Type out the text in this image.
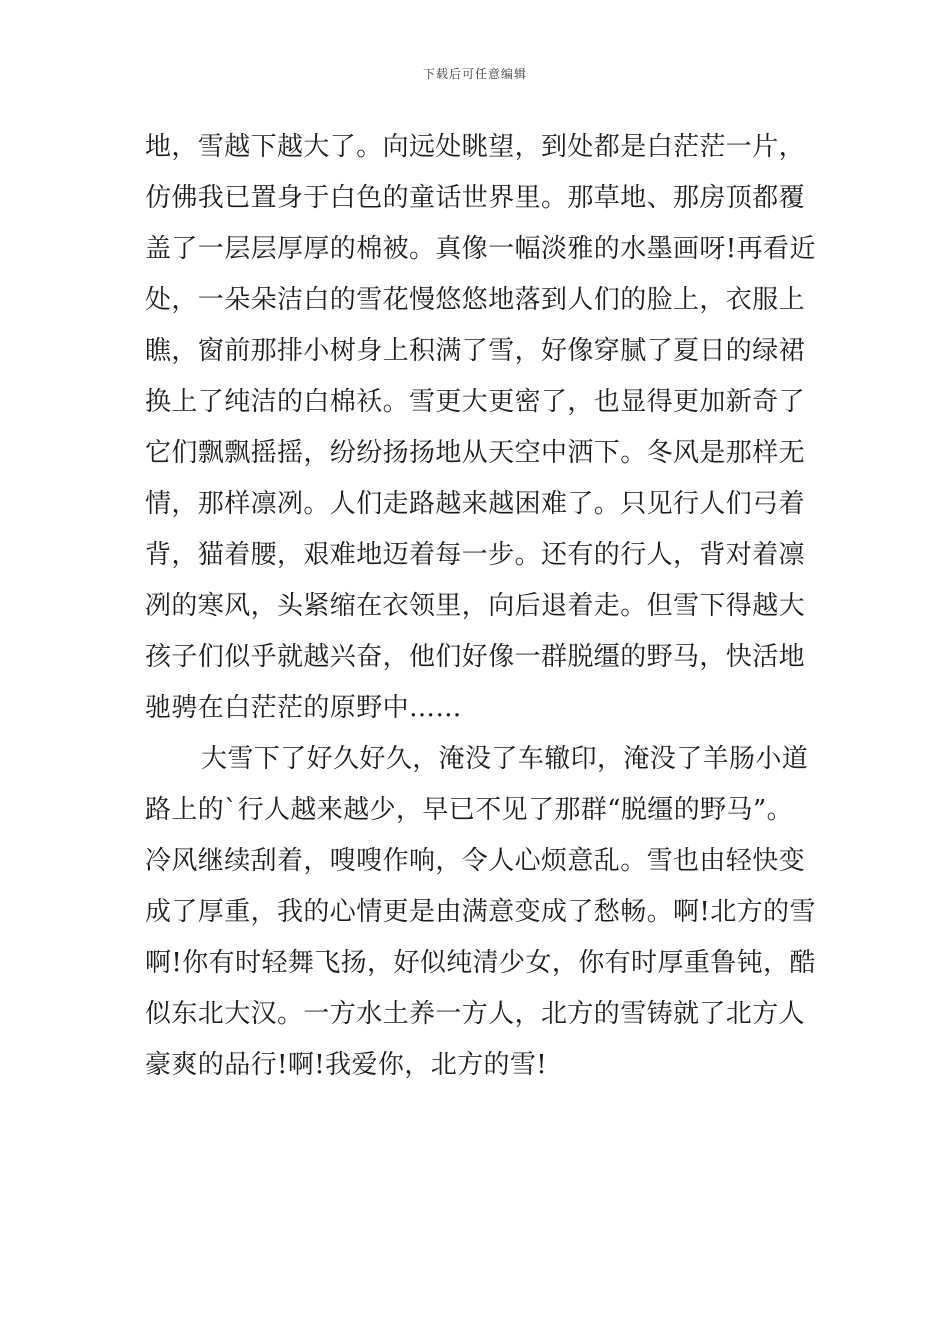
下载后可任意编辑
地，雪越下越大了。向远处眺望，到处都是白茫茫一片，
仿佛我已置身于白色的童话世界里。那草地、那房顶都覆
盖了一层层厚厚的棉被。真像一幅淡雅的水墨画呀!再看近
处，一朵朵洁白的雪花慢悠悠地落到人们的脸上，衣服上
瞧，窗前那排小树身上积满了雪，好像穿腻了夏日的绿裙
换上了纯洁的白棉袄。雪更大更密了，也显得更加新奇了
它们飘飘摇摇，纷纷扬扬地从天空中洒下。冬风是那样无
情，那样凛冽。人们走路越来越困难了。只见行人们弓着
背，猫着腰，艰难地迈着每一步。还有的行人，背对着凛
冽的寒风，头紧缩在衣领里，向后退着走。但雪下得越大
孩子们似乎就越兴奋，他们好像一群脱缰的野马，快活地
驰骋在白茫茫的原野中……
大雪下了好久好久，淹没了车辙印，淹没了羊肠小道
路上的`行人越来越少，早已不见了那群“脱缰的野马”。
冷风继续刮着，嗖嗖作响，令人心烦意乱。雪也由轻快变
成了厚重，我的心情更是由满意变成了愁畅。啊!北方的雪
啊!你有时轻舞飞扬，好似纯清少女，你有时厚重鲁钝，酷
似东北大汉。一方水土养一方人，北方的雪铸就了北方人
豪爽的品行!啊!我爱你，北方的雪!
